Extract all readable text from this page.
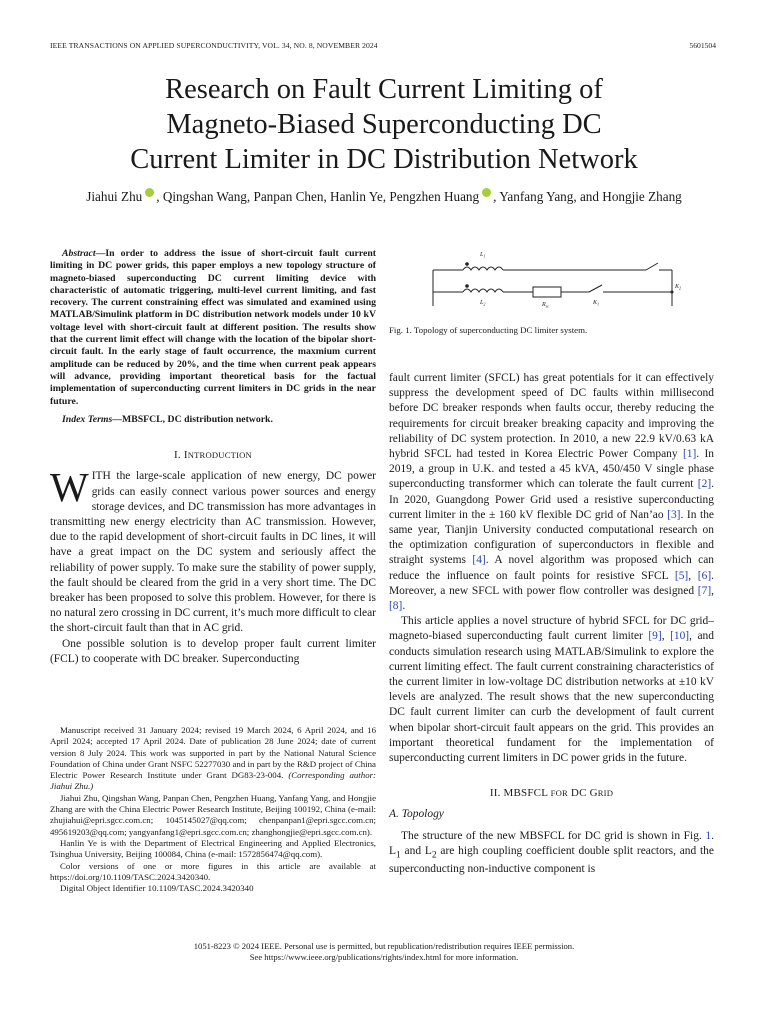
IEEE TRANSACTIONS ON APPLIED SUPERCONDUCTIVITY, VOL. 34, NO. 8, NOVEMBER 2024	5601504
Research on Fault Current Limiting of
Magneto-Biased Superconducting DC
Current Limiter in DC Distribution Network
Jiahui Zhu , Qingshan Wang, Panpan Chen, Hanlin Ye, Pengzhen Huang , Yanfang Yang, and Hongjie Zhang

Abstract—In order to address the issue of short-circuit fault current limiting in DC power grids, this paper employs a new topology structure of magneto-biased superconducting DC current limiting device with characteristic of automatic triggering, multi-level current limiting, and fast recovery. The current constraining effect was simulated and examined using MATLAB/Simulink platform in DC distribution network models under 10 kV voltage level with short-circuit fault at different position. The results show that the current limit effect will change with the location of the bipolar short-circuit fault. In the early stage of fault occurrence, the maxmium current amplitude can be reduced by 20%, and the time when current peak appears will advance, providing important theoretical basis for the factual implementation of superconducting current limiters in DC grids in the near future.

Index Terms—MBSFCL, DC distribution network.

I. INTRODUCTION

WITH the large-scale application of new energy, DC power grids can easily connect various power sources and energy storage devices, and DC transmission has more advantages in transmitting new energy electricity than AC transmission. However, due to the rapid development of short-circuit faults in DC lines, it will have a great impact on the DC system and seriously affect the reliability of power supply. To make sure the stability of power supply, the fault should be cleared from the grid in a very short time. The DC breaker has been proposed to solve this problem. However, for there is no natural zero crossing in DC current, it’s much more difficult to clear the short-circuit fault than that in AC grid.

One possible solution is to develop proper fault current limiter (FCL) to cooperate with DC breaker. Superconducting

Manuscript received 31 January 2024; revised 19 March 2024, 6 April 2024, and 16 April 2024; accepted 17 April 2024. Date of publication 28 June 2024; date of current version 8 July 2024. This work was supported in part by the National Natural Science Foundation of China under Grant NSFC 52277030 and in part by the R&D project of China Electric Power Research Institute under Grant DG83-23-004. (Corresponding author: Jiahui Zhu.)

Jiahui Zhu, Qingshan Wang, Panpan Chen, Pengzhen Huang, Yanfang Yang, and Hongjie Zhang are with the China Electric Power Research Institute, Beijing 100192, China (e-mail: zhujiahui@epri.sgcc.com.cn; 1045145027@qq.com; chenpanpan1@epri.sgcc.com.cn; 495619203@qq.com; yangyanfang1@epri.sgcc.com.cn; zhanghongjie@epri.sgcc.com.cn).

Hanlin Ye is with the Department of Electrical Engineering and Applied Electronics, Tsinghua University, Beijing 100084, China (e-mail: 1572856474@qq.com).

Color versions of one or more figures in this article are available at https://doi.org/10.1109/TASC.2024.3420340.

Digital Object Identifier 10.1109/TASC.2024.3420340

$L_1$
$L_2$	$R_{sc}$	$K_1$
$K_2$
Fig. 1. Topology of superconducting DC limiter system.

fault current limiter (SFCL) has great potentials for it can effectively suppress the development speed of DC faults within millisecond before DC breaker responds when faults occur, thereby reducing the requirements for circuit breaker breaking capacity and improving the reliability of DC system protection. In 2010, a new 22.9 kV/0.63 kA hybrid SFCL had tested in Korea Electric Power Company [1]. In 2019, a group in U.K. and tested a 45 kVA, 450/450 V single phase superconducting transformer which can tolerate the fault current [2]. In 2020, Guangdong Power Grid used a resistive superconducting current limiter in the ± 160 kV flexible DC grid of Nan’ao [3]. In the same year, Tianjin University conducted computational research on the optimization configuration of superconductors in flexible and straight systems [4]. A novel algorithm was proposed which can reduce the influence on fault points for resistive SFCL [5], [6]. Moreover, a new SFCL with power flow controller was designed [7], [8].

This article applies a novel structure of hybrid SFCL for DC grid–magneto-biased superconducting fault current limiter [9], [10], and conducts simulation research using MATLAB/Simulink to explore the current limiting effect. The fault current constraining characteristics of the current limiter in low-voltage DC distribution networks at ±10 kV levels are analyzed. The result shows that the new superconducting DC fault current limiter can curb the development of fault current when bipolar short-circuit fault appears on the grid. This provides an important theoretical fundament for the implementation of superconducting current limiters in DC power grids in the future.

II. MBSFCL FOR DC GRID
A. Topology

The structure of the new MBSFCL for DC grid is shown in Fig. 1. $L_1$ and $L_2$ are high coupling coefficient double split reactors, and the superconducting non-inductive component is

1051-8223 © 2024 IEEE. Personal use is permitted, but republication/redistribution requires IEEE permission.
See https://www.ieee.org/publications/rights/index.html for more information.
